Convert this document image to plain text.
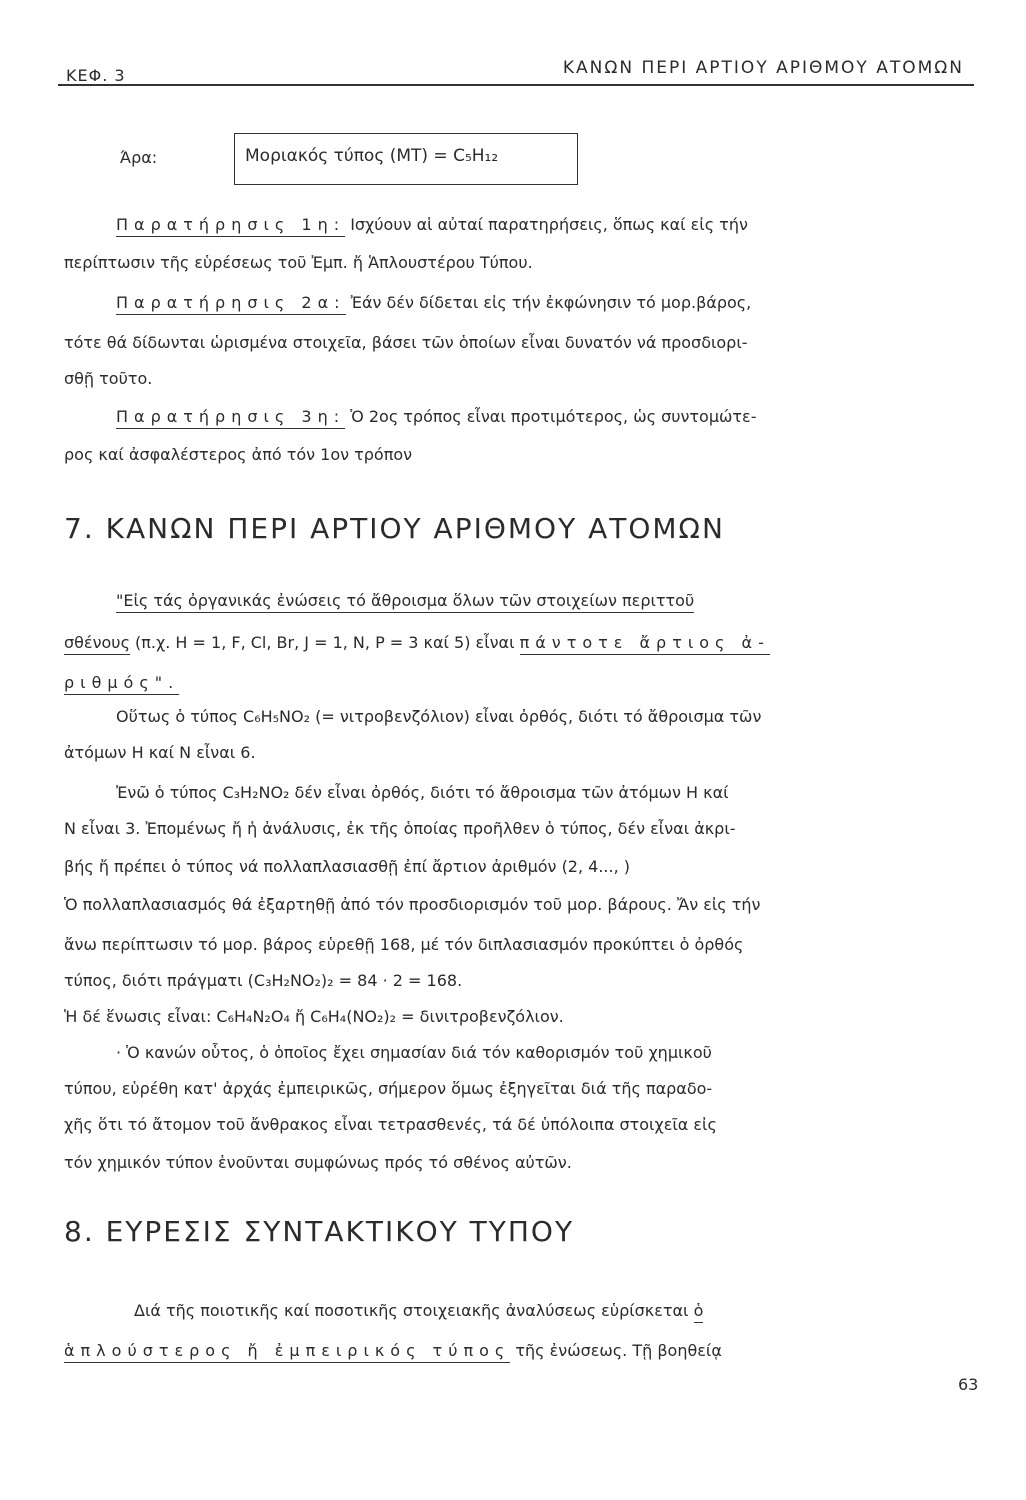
ΚΕΦ. 3	ΚΑΝΩΝ ΠΕΡΙ ΑΡΤΙΟΥ ΑΡΙΘΜΟΥ ΑΤΟΜΩΝ
Άρα:	Μοριακός τύπος (ΜΤ) = C₅H₁₂
Παρατήρησις 1η: Ισχύουν αἱ αὐταί παρατηρήσεις, ὅπως καί εἰς τήν
περίπτωσιν τῆς εὑρέσεως τοῦ Ἐμπ. ἤ Ἁπλουστέρου Τύπου.
Παρατήρησις 2α: Ἐάν δέν δίδεται εἰς τήν ἐκφώνησιν τό μορ.βάρος,
τότε θά δίδωνται ὡρισμένα στοιχεῖα, βάσει τῶν ὁποίων εἶναι δυνατόν νά προσδιορι-
σθῇ τοῦτο.
Παρατήρησις 3η: Ὁ 2ος τρόπος εἶναι προτιμότερος, ὡς συντομώτε-
ρος καί ἀσφαλέστερος ἀπό τόν 1ον τρόπον
7. ΚΑΝΩΝ ΠΕΡΙ ΑΡΤΙΟΥ ΑΡΙΘΜΟΥ ΑΤΟΜΩΝ
"Εἰς τάς ὀργανικάς ἐνώσεις τό ἄθροισμα ὅλων τῶν στοιχείων περιττοῦ
σθένους (π.χ. H = 1, F, Cl, Br, J = 1, N, P = 3 καί 5) εἶναι πάντοτε ἄρτιος ἀ-
ριθμός".
Οὕτως ὁ τύπος C₆H₅NO₂ (= νιτροβενζόλιον) εἶναι ὀρθός, διότι τό ἄθροισμα τῶν
ἀτόμων H καί N εἶναι 6.
Ἐνῶ ὁ τύπος C₃H₂NO₂ δέν εἶναι ὀρθός, διότι τό ἄθροισμα τῶν ἀτόμων H καί
N εἶναι 3. Ἐπομένως ἤ ἡ ἀνάλυσις, ἐκ τῆς ὁποίας προῆλθεν ὁ τύπος, δέν εἶναι ἀκρι-
βής ἤ πρέπει ὁ τύπος νά πολλαπλασιασθῇ ἐπί ἄρτιον ἀριθμόν (2, 4..., )
Ὁ πολλαπλασιασμός θά ἐξαρτηθῇ ἀπό τόν προσδιορισμόν τοῦ μορ. βάρους. Ἄν εἰς τήν
ἄνω περίπτωσιν τό μορ. βάρος εὑρεθῇ 168, μέ τόν διπλασιασμόν προκύπτει ὁ ὀρθός
τύπος, διότι πράγματι (C₃H₂NO₂)₂ = 84 · 2 = 168.
Ἡ δέ ἕνωσις εἶναι: C₆H₄N₂O₄ ἤ C₆H₄(NO₂)₂ = δινιτροβενζόλιον.
· Ὁ κανών οὗτος, ὁ ὁποῖος ἔχει σημασίαν διά τόν καθορισμόν τοῦ χημικοῦ
τύπου, εὑρέθη κατ' ἀρχάς ἐμπειρικῶς, σήμερον ὅμως ἐξηγεῖται διά τῆς παραδο-
χῆς ὅτι τό ἄτομον τοῦ ἄνθρακος εἶναι τετρασθενές, τά δέ ὑπόλοιπα στοιχεῖα εἰς
τόν χημικόν τύπον ἑνοῦνται συμφώνως πρός τό σθένος αὐτῶν.
8. ΕΥΡΕΣΙΣ ΣΥΝΤΑΚΤΙΚΟΥ ΤΥΠΟΥ
Διά τῆς ποιοτικῆς καί ποσοτικῆς στοιχειακῆς ἀναλύσεως εὑρίσκεται ὁ
ἁπλούστερος ἤ ἐμπειρικός τύπος τῆς ἐνώσεως. Τῇ βοηθείᾳ
63
